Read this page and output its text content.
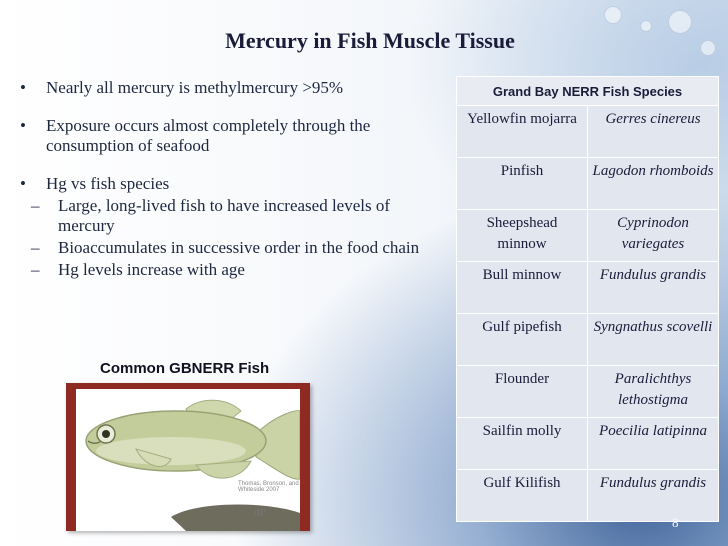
Mercury in Fish Muscle Tissue
• Nearly all mercury is methylmercury >95%
• Exposure occurs almost completely through the consumption of seafood
• Hg vs fish species
– Large, long-lived fish to have increased levels of mercury
– Bioaccumulates in successive order in the food chain
– Hg levels increase with age
Common GBNERR Fish
Thomas, Bronson, and Whiteside 2007
dP
Grand Bay NERR Fish Species	
Yellowfin mojarra	Gerres cinereus
Pinfish	Lagodon rhomboids
Sheepshead minnow	Cyprinodon variegates
Bull minnow	Fundulus grandis
Gulf pipefish	Syngnathus scovelli
Flounder	Paralichthys lethostigma
Sailfin molly	Poecilia latipinna
Gulf Kilifish	Fundulus grandis
8
